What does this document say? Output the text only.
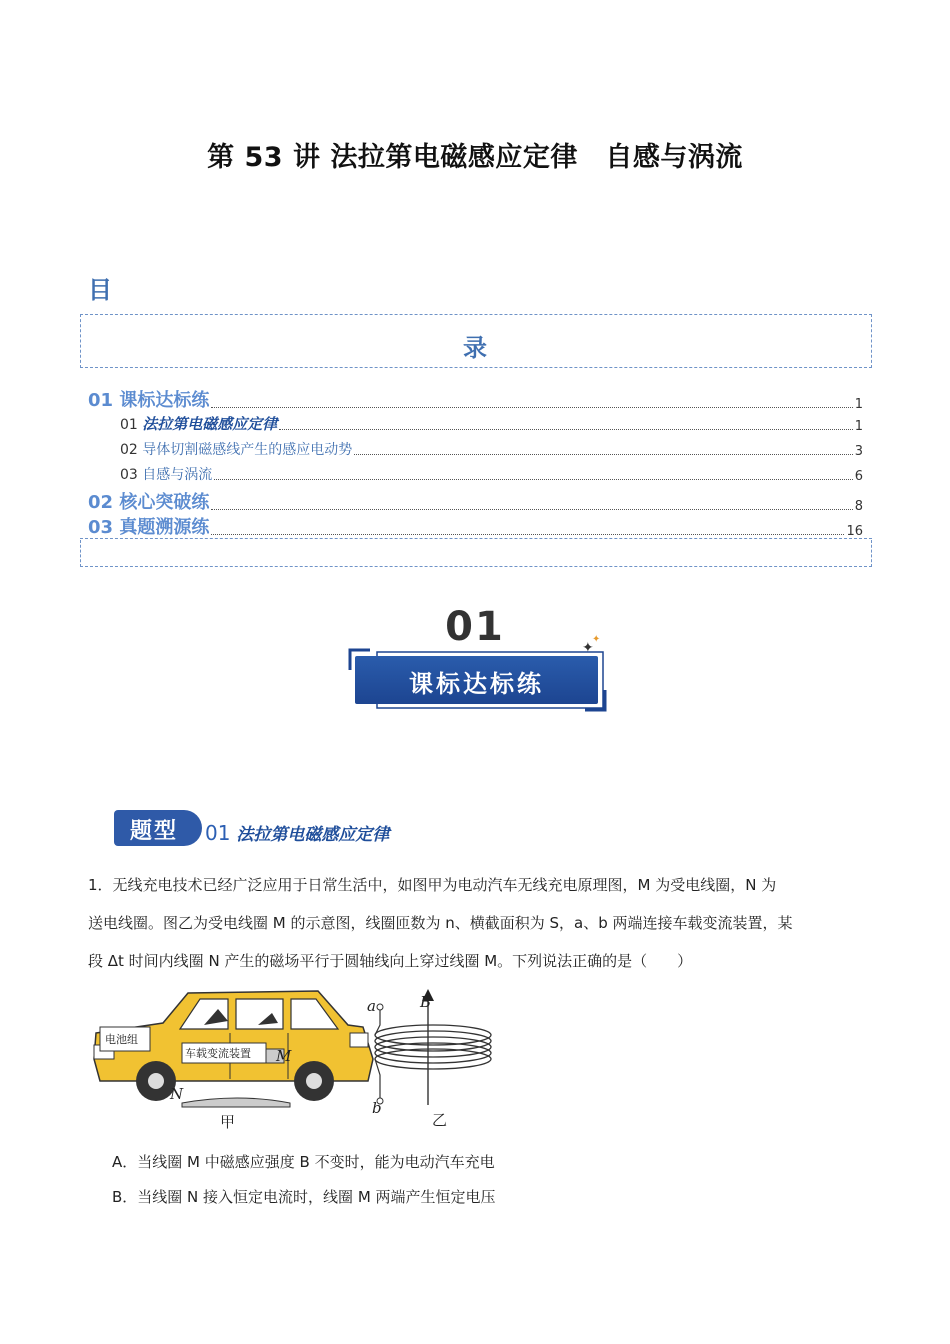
第 53 讲 法拉第电磁感应定律　自感与涡流
目
录
01 课标达标练	1
01 法拉第电磁感应定律	1
02 导体切割磁感线产生的感应电动势	3
03 自感与涡流	6
02 核心突破练	8
03 真题溯源练	16
01	✦
✦
课标达标练
题型	01 法拉第电磁感应定律
1．无线充电技术已经广泛应用于日常生活中，如图甲为电动汽车无线充电原理图，M 为受电线圈，N 为
送电线圈。图乙为受电线圈 M 的示意图，线圈匝数为 n、横截面积为 S，a、b 两端连接车载变流装置，某
段 Δt 时间内线圈 N 产生的磁场平行于圆轴线向上穿过线圈 M。下列说法正确的是（　　）
电池组
车载变流装置 M
N
甲
a
b
B
乙
A．当线圈 M 中磁感应强度 B 不变时，能为电动汽车充电
B．当线圈 N 接入恒定电流时，线圈 M 两端产生恒定电压
